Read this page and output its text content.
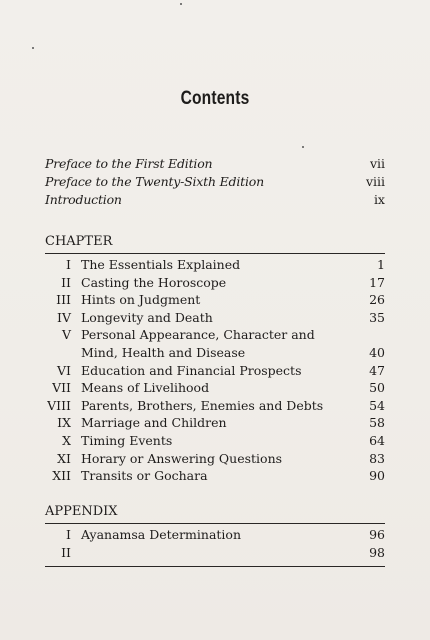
Contents
Preface to the First Edition	vii
Preface to the Twenty-Sixth Edition	viii
Introduction	ix
CHAPTER
I The Essentials Explained	1
II Casting the Horoscope	17
III Hints on Judgment	26
IV Longevity and Death	35
V Personal Appearance, Character and
Mind, Health and Disease	40
VI Education and Financial Prospects	47
VII Means of Livelihood	50
VIII Parents, Brothers, Enemies and Debts	54
IX Marriage and Children	58
X Timing Events	64
XI Horary or Answering Questions	83
XII Transits or Gochara	90
APPENDIX
I Ayanamsa Determination	96
II	98
